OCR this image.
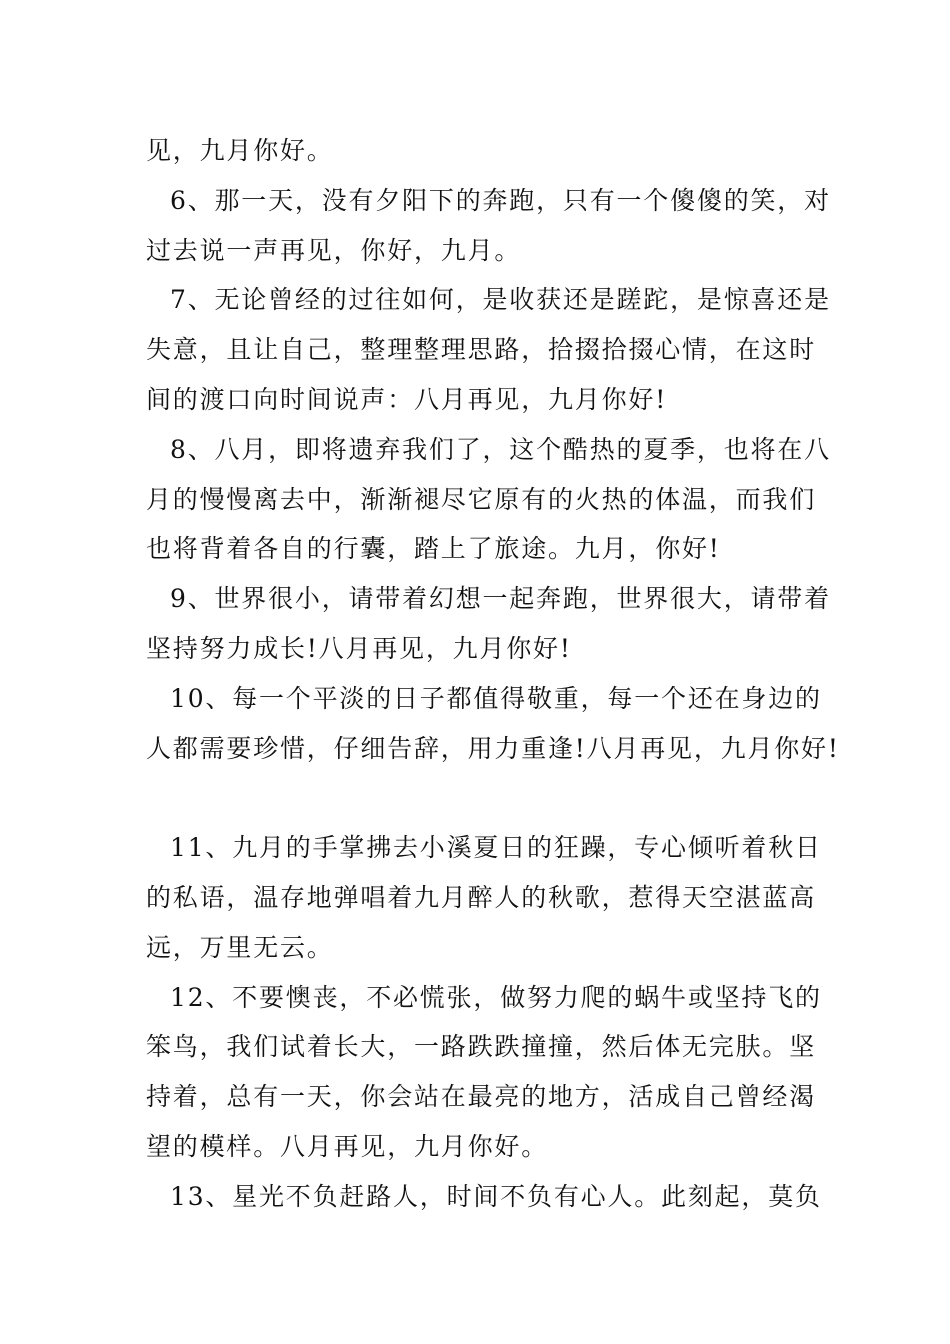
见，九月你好。
6、那一天，没有夕阳下的奔跑，只有一个傻傻的笑，对
过去说一声再见，你好，九月。
7、无论曾经的过往如何，是收获还是蹉跎，是惊喜还是
失意，且让自己，整理整理思路，拾掇拾掇心情，在这时
间的渡口向时间说声：八月再见，九月你好!
8、八月，即将遗弃我们了，这个酷热的夏季，也将在八
月的慢慢离去中，渐渐褪尽它原有的火热的体温，而我们
也将背着各自的行囊，踏上了旅途。九月，你好!
9、世界很小，请带着幻想一起奔跑，世界很大，请带着
坚持努力成长!八月再见，九月你好!
10、每一个平淡的日子都值得敬重，每一个还在身边的
人都需要珍惜，仔细告辞，用力重逢!八月再见，九月你好!
11、九月的手掌拂去小溪夏日的狂躁，专心倾听着秋日
的私语，温存地弹唱着九月醉人的秋歌，惹得天空湛蓝高
远，万里无云。
12、不要懊丧，不必慌张，做努力爬的蜗牛或坚持飞的
笨鸟，我们试着长大，一路跌跌撞撞，然后体无完肤。坚
持着，总有一天，你会站在最亮的地方，活成自己曾经渴
望的模样。八月再见，九月你好。
13、星光不负赶路人，时间不负有心人。此刻起，莫负
